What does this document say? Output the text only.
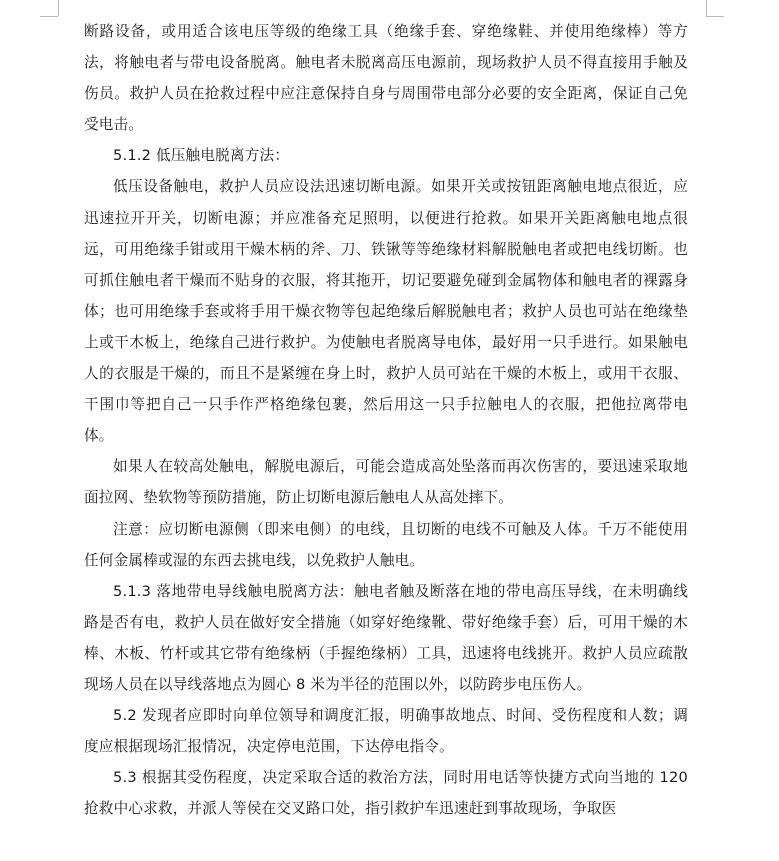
断路设备，或用适合该电压等级的绝缘工具（绝缘手套、穿绝缘鞋、并使用绝缘棒）等方法，将触电者与带电设备脱离。触电者未脱离高压电源前，现场救护人员不得直接用手触及伤员。救护人员在抢救过程中应注意保持自身与周围带电部分必要的安全距离，保证自己免受电击。

5.1.2 低压触电脱离方法：

低压设备触电，救护人员应设法迅速切断电源。如果开关或按钮距离触电地点很近，应迅速拉开开关，切断电源；并应准备充足照明，以便进行抢救。如果开关距离触电地点很远，可用绝缘手钳或用干燥木柄的斧、刀、铁锹等等绝缘材料解脱触电者或把电线切断。也可抓住触电者干燥而不贴身的衣服，将其拖开，切记要避免碰到金属物体和触电者的裸露身体；也可用绝缘手套或将手用干燥衣物等包起绝缘后解脱触电者；救护人员也可站在绝缘垫上或干木板上，绝缘自己进行救护。为使触电者脱离导电体，最好用一只手进行。如果触电人的衣服是干燥的，而且不是紧缠在身上时，救护人员可站在干燥的木板上，或用干衣服、干围巾等把自己一只手作严格绝缘包裹，然后用这一只手拉触电人的衣服，把他拉离带电体。

如果人在较高处触电，解脱电源后，可能会造成高处坠落而再次伤害的，要迅速采取地面拉网、垫软物等预防措施，防止切断电源后触电人从高处摔下。

注意：应切断电源侧（即来电侧）的电线，且切断的电线不可触及人体。千万不能使用任何金属棒或湿的东西去挑电线，以免救护人触电。

5.1.3 落地带电导线触电脱离方法：触电者触及断落在地的带电高压导线，在未明确线路是否有电，救护人员在做好安全措施（如穿好绝缘靴、带好绝缘手套）后，可用干燥的木棒、木板、竹杆或其它带有绝缘柄（手握绝缘柄）工具，迅速将电线挑开。救护人员应疏散现场人员在以导线落地点为圆心 8 米为半径的范围以外，以防跨步电压伤人。

5.2 发现者应即时向单位领导和调度汇报，明确事故地点、时间、受伤程度和人数；调度应根据现场汇报情况，决定停电范围，下达停电指令。

5.3 根据其受伤程度，决定采取合适的救治方法，同时用电话等快捷方式向当地的 120 抢救中心求救，并派人等侯在交叉路口处，指引救护车迅速赶到事故现场，争取医
